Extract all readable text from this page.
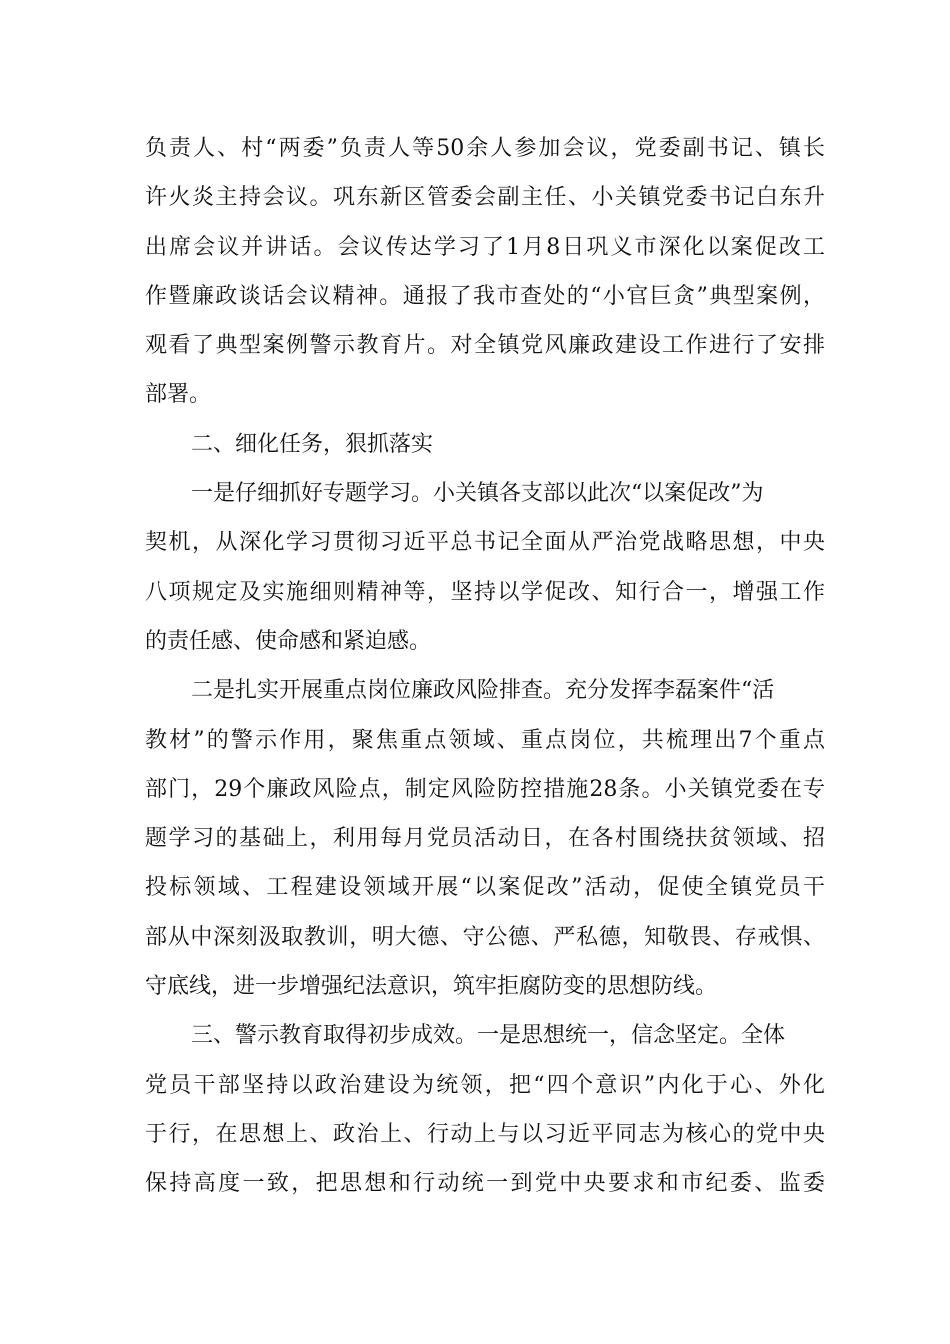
负责人、村“两委”负责人等50余人参加会议，党委副书记、镇长
许火炎主持会议。巩东新区管委会副主任、小关镇党委书记白东升
出席会议并讲话。会议传达学习了1月8日巩义市深化以案促改工
作暨廉政谈话会议精神。通报了我市查处的“小官巨贪”典型案例，
观看了典型案例警示教育片。对全镇党风廉政建设工作进行了安排
部署。
二、细化任务，狠抓落实
一是仔细抓好专题学习。小关镇各支部以此次“以案促改”为
契机，从深化学习贯彻习近平总书记全面从严治党战略思想，中央
八项规定及实施细则精神等，坚持以学促改、知行合一，增强工作
的责任感、使命感和紧迫感。
二是扎实开展重点岗位廉政风险排查。充分发挥李磊案件“活
教材”的警示作用，聚焦重点领域、重点岗位，共梳理出7个重点
部门，29个廉政风险点，制定风险防控措施28条。小关镇党委在专
题学习的基础上，利用每月党员活动日，在各村围绕扶贫领域、招
投标领域、工程建设领域开展“以案促改”活动，促使全镇党员干
部从中深刻汲取教训，明大德、守公德、严私德，知敬畏、存戒惧、
守底线，进一步增强纪法意识，筑牢拒腐防变的思想防线。
三、警示教育取得初步成效。一是思想统一，信念坚定。全体
党员干部坚持以政治建设为统领，把“四个意识”内化于心、外化
于行，在思想上、政治上、行动上与以习近平同志为核心的党中央
保持高度一致，把思想和行动统一到党中央要求和市纪委、监委
